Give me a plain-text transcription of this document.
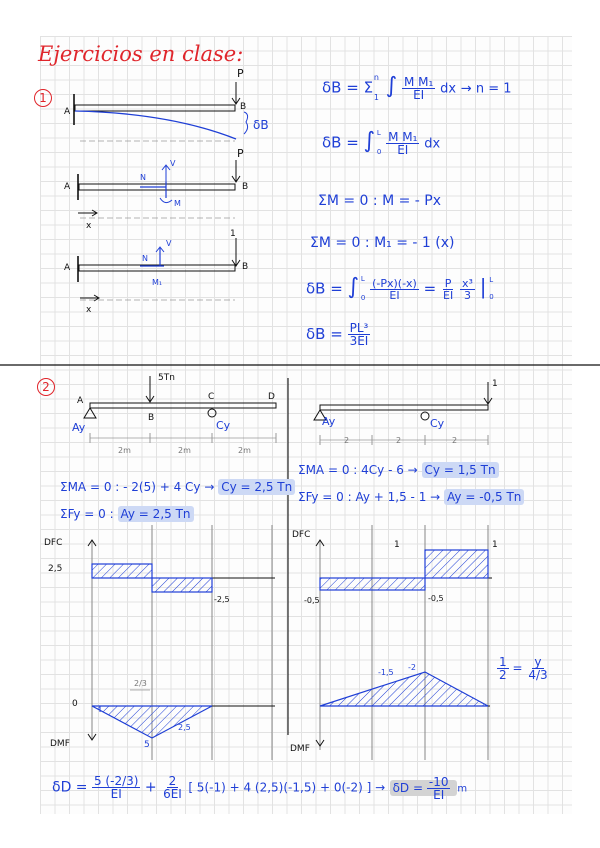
Ejercicios en clase:
1
A	B
P
δB
A	B
P
N
V
M
x
A	B
1
N
V
M₁
x
δB = Σ
n
1 ∫ $\frac{\text{M M₁}}{EI}$ dx → n = 1
δB = ∫ L
0
$\frac{\text{M M₁}}{EI}$ dx
ΣM = 0 : M = - Px
ΣM = 0 : M₁ = - 1 (x)
δB = ∫ L
0
$\frac{(-Px)(-x)}{EI} = \frac{P}{EI}$
$\frac{\text{x³}}{3}$ | L
0
$\delta B = \frac{\text{PL³}}{3EI}$
2
5Tn
A
B
C	D
Ay	Cy
2m	2m	2m
Ay	Cy
1
2	2	2
ΣMA = 0 : - 2(5) + 4 Cy → Cy = 2,5 Tn
ΣFy = 0 : Ay = 2,5 Tn
ΣMA = 0 : 4Cy - 6 → Cy = 1,5 Tn
ΣFy = 0 : Ay + 1,5 - 1 → Ay = -0,5 Tn
DFC
2,5
-2,5
0
5
2,5
2/3
DMF
DFC
1	1
-0,5	-0,5
-1,5
-2
DMF
$\frac{1}{2} = \frac{y}{4/3}$
$\delta D = \frac{5 (-2/3)}{EI} + \frac{2}{6EI}$ [ 5(-1) + 4 (2,5)(-1,5) + 0(-2) ] → $\delta D = \frac{-10}{EI}$ m
